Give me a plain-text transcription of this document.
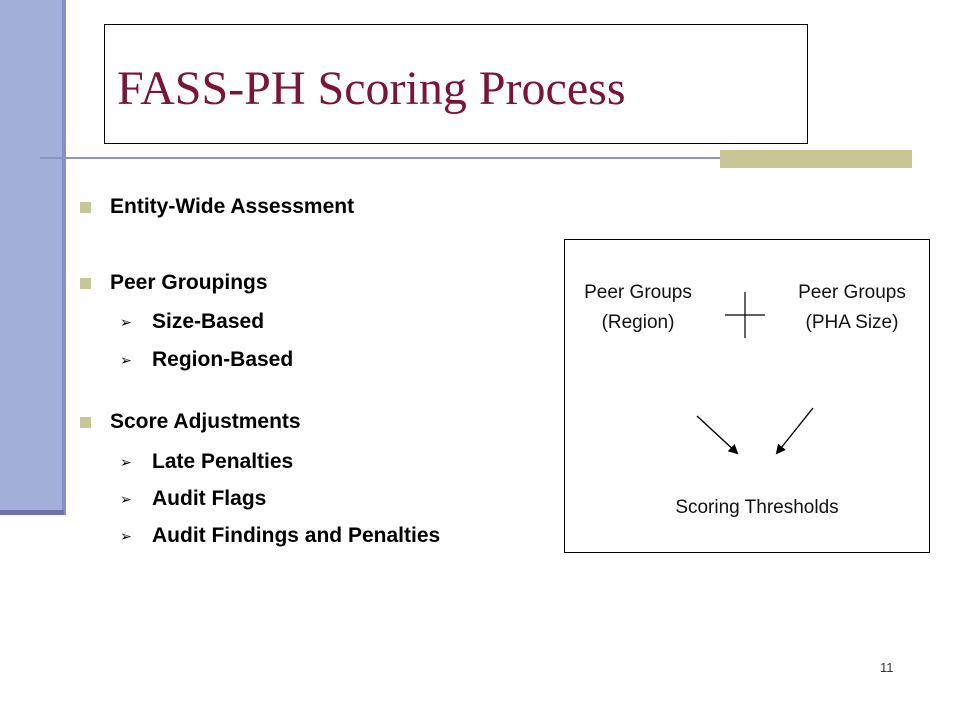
FASS-PH Scoring Process
Entity-Wide Assessment
Peer Groupings
➢ Size-Based
➢ Region-Based
Score Adjustments
➢ Late Penalties
➢ Audit Flags
➢ Audit Findings and Penalties
Peer Groups
(Region)
Peer Groups
(PHA Size)
Scoring Thresholds
11
